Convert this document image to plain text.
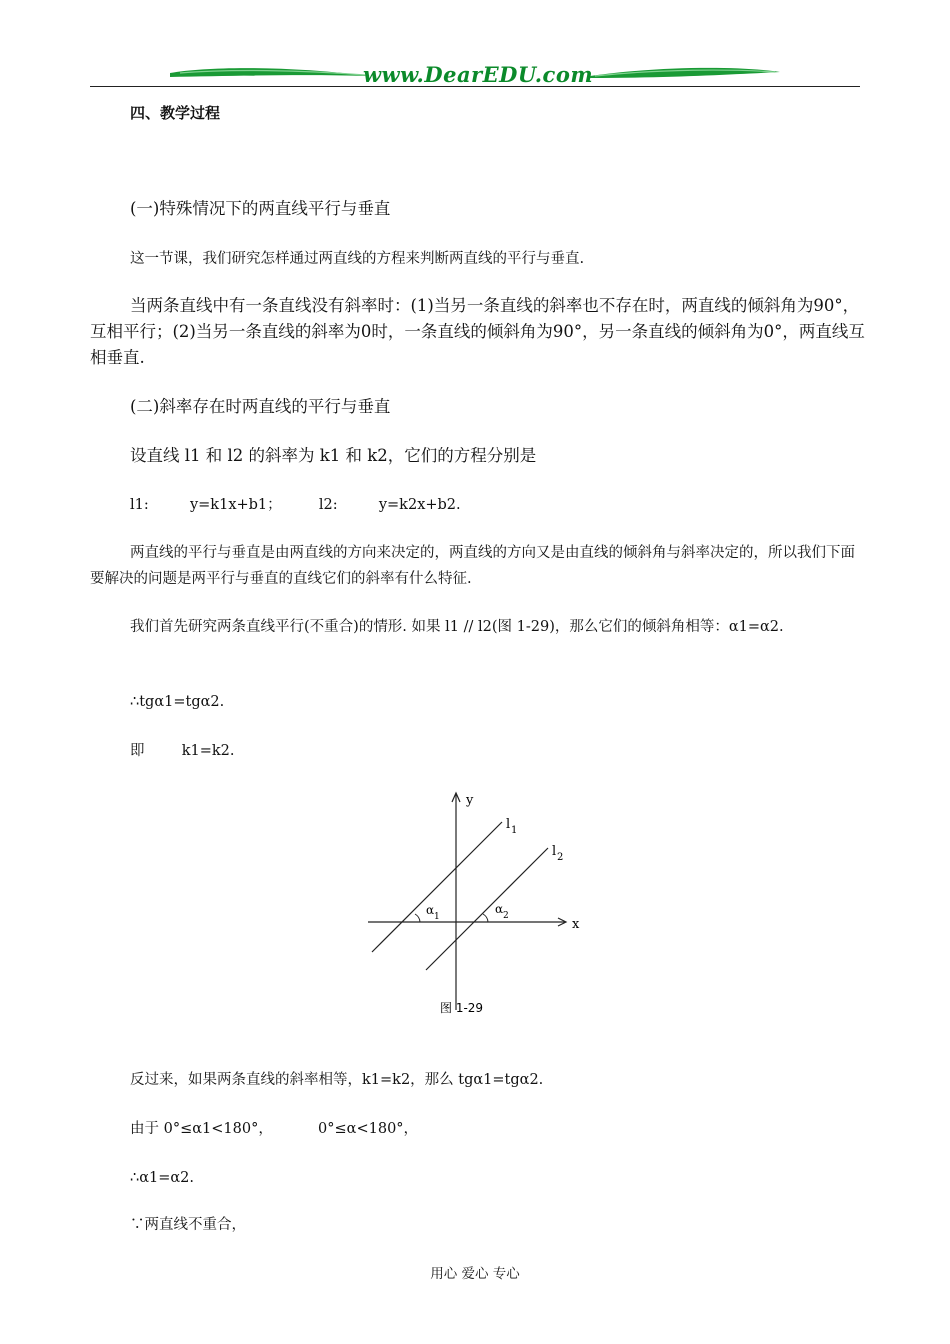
www.DearEDU.com
四、教学过程
(一)特殊情况下的两直线平行与垂直
这一节课，我们研究怎样通过两直线的方程来判断两直线的平行与垂直.
当两条直线中有一条直线没有斜率时：(1)当另一条直线的斜率也不存在时，两直线的倾斜角为90°，互相平行；(2)当另一条直线的斜率为0时，一条直线的倾斜角为90°，另一条直线的倾斜角为0°，两直线互相垂直.
(二)斜率存在时两直线的平行与垂直
设直线 l1 和 l2 的斜率为 k1 和 k2，它们的方程分别是
l1:	y=k1x+b1；	l2:	y=k2x+b2.
两直线的平行与垂直是由两直线的方向来决定的，两直线的方向又是由直线的倾斜角与斜率决定的，所以我们下面要解决的问题是两平行与垂直的直线它们的斜率有什么特征.
我们首先研究两条直线平行(不重合)的情形. 如果 l1 // l2(图 1-29)，那么它们的倾斜角相等：α1=α2.
∴tgα1=tgα2.
即	k1=k2.
y
x
l 1
l 2
α 1
α 2
图 1-29
反过来，如果两条直线的斜率相等，k1=k2，那么 tgα1=tgα2.
由于 0°≤α1<180°，	0°≤α<180°，
∴α1=α2.
∵两直线不重合，
用心 爱心 专心
